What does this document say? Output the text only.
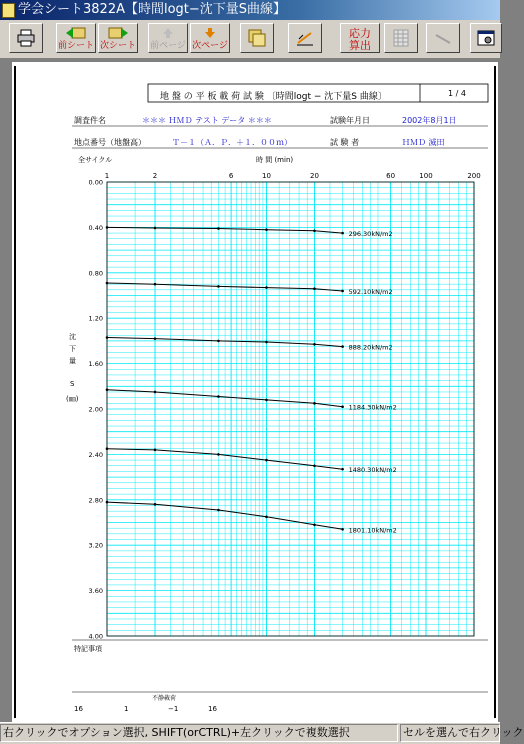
学会シート3822A【時間logt−沈下量S曲線】
前シート 次シート 前ページ 次ページ
応力算出
1	2	6	10	20	60	100	200
0.00
0.40
0.80
1.20
1.60
2.00
2.40
2.80
3.20
3.60
4.00
296.30kN/m2
592.10kN/m2
888.20kN/m2
1184.30kN/m2
1480.30kN/m2
1801.10kN/m2
地 盤 の 平 板 載 荷 試 験 〔時間logt − 沈下量S 曲線〕	1 / 4
調査件名	＊＊＊ ＨＭＤ テスト データ ＊＊＊	試験年月日	2002年8月1日
地点番号（地盤高）	Ｔ－１（Ａ．Ｐ．＋１．００ｍ）	試 験 者	ＨＭＤ 滅田
全サイクル	時 間 (min)
沈
下
量
S
(㎜)
特記事項
不静載荷
16	1	−1	16
右クリックでオプション選択, SHIFT(orCTRL)+左クリックで複数選択	セルを選んで右クリック
